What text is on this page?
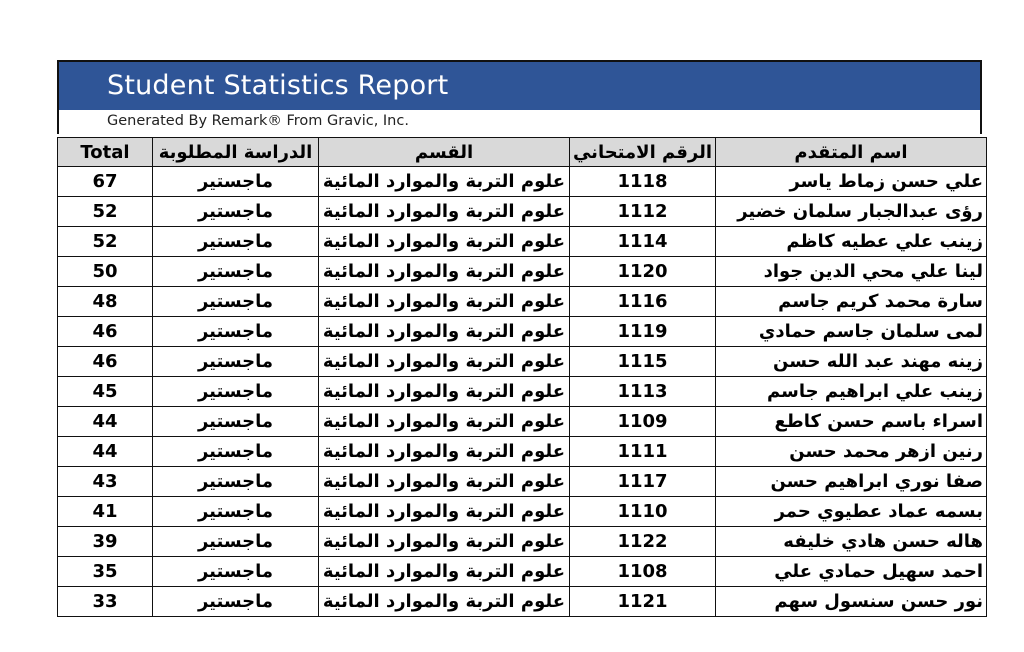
Student Statistics Report
Generated By Remark® From Gravic, Inc.
Total	الدراسة المطلوبة	القسم	الرقم الامتحاني	اسم المتقدم
67	ماجستير	علوم التربة والموارد المائية	1118	علي حسن زماط ياسر
52	ماجستير	علوم التربة والموارد المائية	1112	رؤى عبدالجبار سلمان خضير
52	ماجستير	علوم التربة والموارد المائية	1114	زينب علي عطيه كاظم
50	ماجستير	علوم التربة والموارد المائية	1120	لينا علي محي الدين جواد
48	ماجستير	علوم التربة والموارد المائية	1116	سارة محمد كريم جاسم
46	ماجستير	علوم التربة والموارد المائية	1119	لمى سلمان جاسم حمادي
46	ماجستير	علوم التربة والموارد المائية	1115	زينه مهند عبد الله حسن
45	ماجستير	علوم التربة والموارد المائية	1113	زينب علي ابراهيم جاسم
44	ماجستير	علوم التربة والموارد المائية	1109	اسراء باسم حسن كاطع
44	ماجستير	علوم التربة والموارد المائية	1111	رنين ازهر محمد حسن
43	ماجستير	علوم التربة والموارد المائية	1117	صفا نوري ابراهيم حسن
41	ماجستير	علوم التربة والموارد المائية	1110	بسمه عماد عطيوي حمر
39	ماجستير	علوم التربة والموارد المائية	1122	هاله حسن هادي خليفه
35	ماجستير	علوم التربة والموارد المائية	1108	احمد سهيل حمادي علي
33	ماجستير	علوم التربة والموارد المائية	1121	نور حسن سنسول سهم
